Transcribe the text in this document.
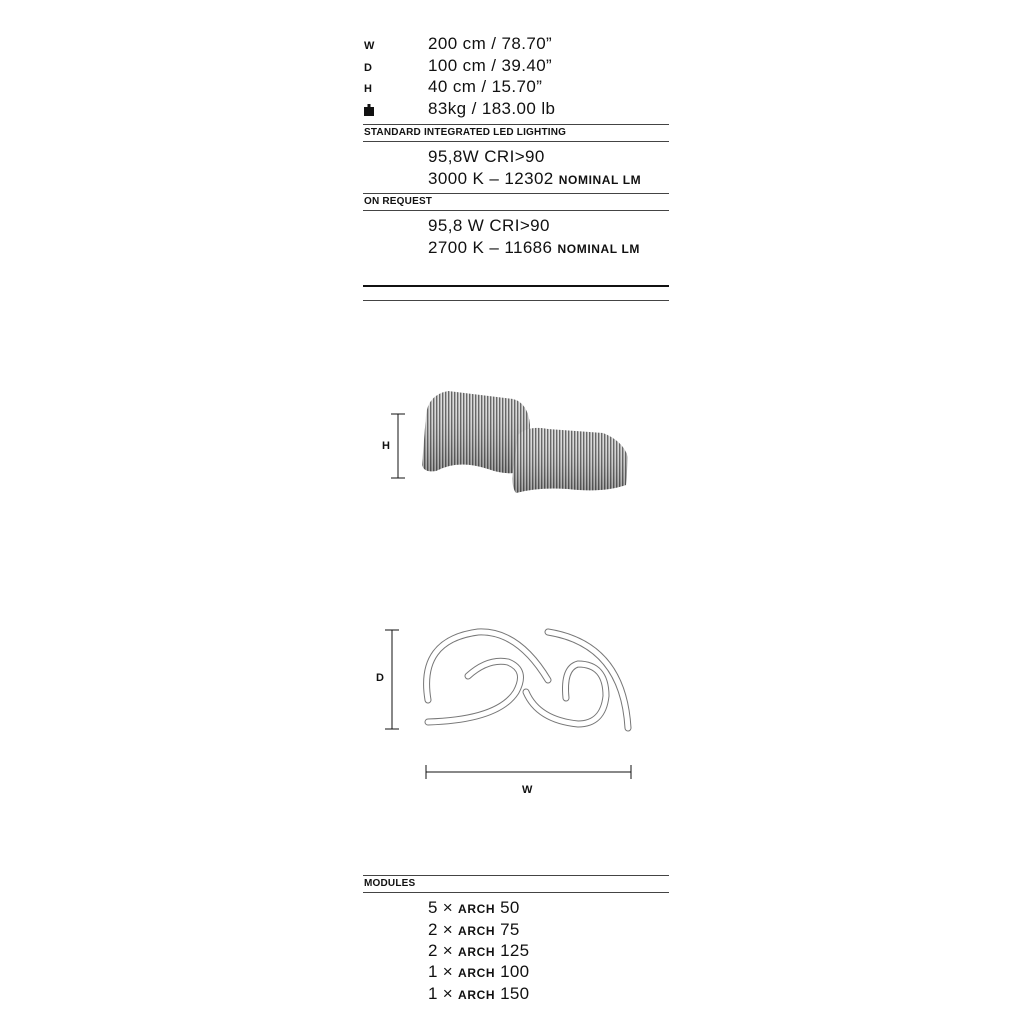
W	200 cm / 78.70”
D	100 cm / 39.40”
H	40 cm / 15.70”
83kg / 183.00 lb
STANDARD INTEGRATED LED LIGHTING
95,8W CRI>90
3000 K – 12302 NOMINAL LM
ON REQUEST
95,8 W CRI>90
2700 K – 11686 NOMINAL LM
H
D
W
MODULES
5 × ARCH 50
2 × ARCH 75
2 × ARCH 125
1 × ARCH 100
1 × ARCH 150
